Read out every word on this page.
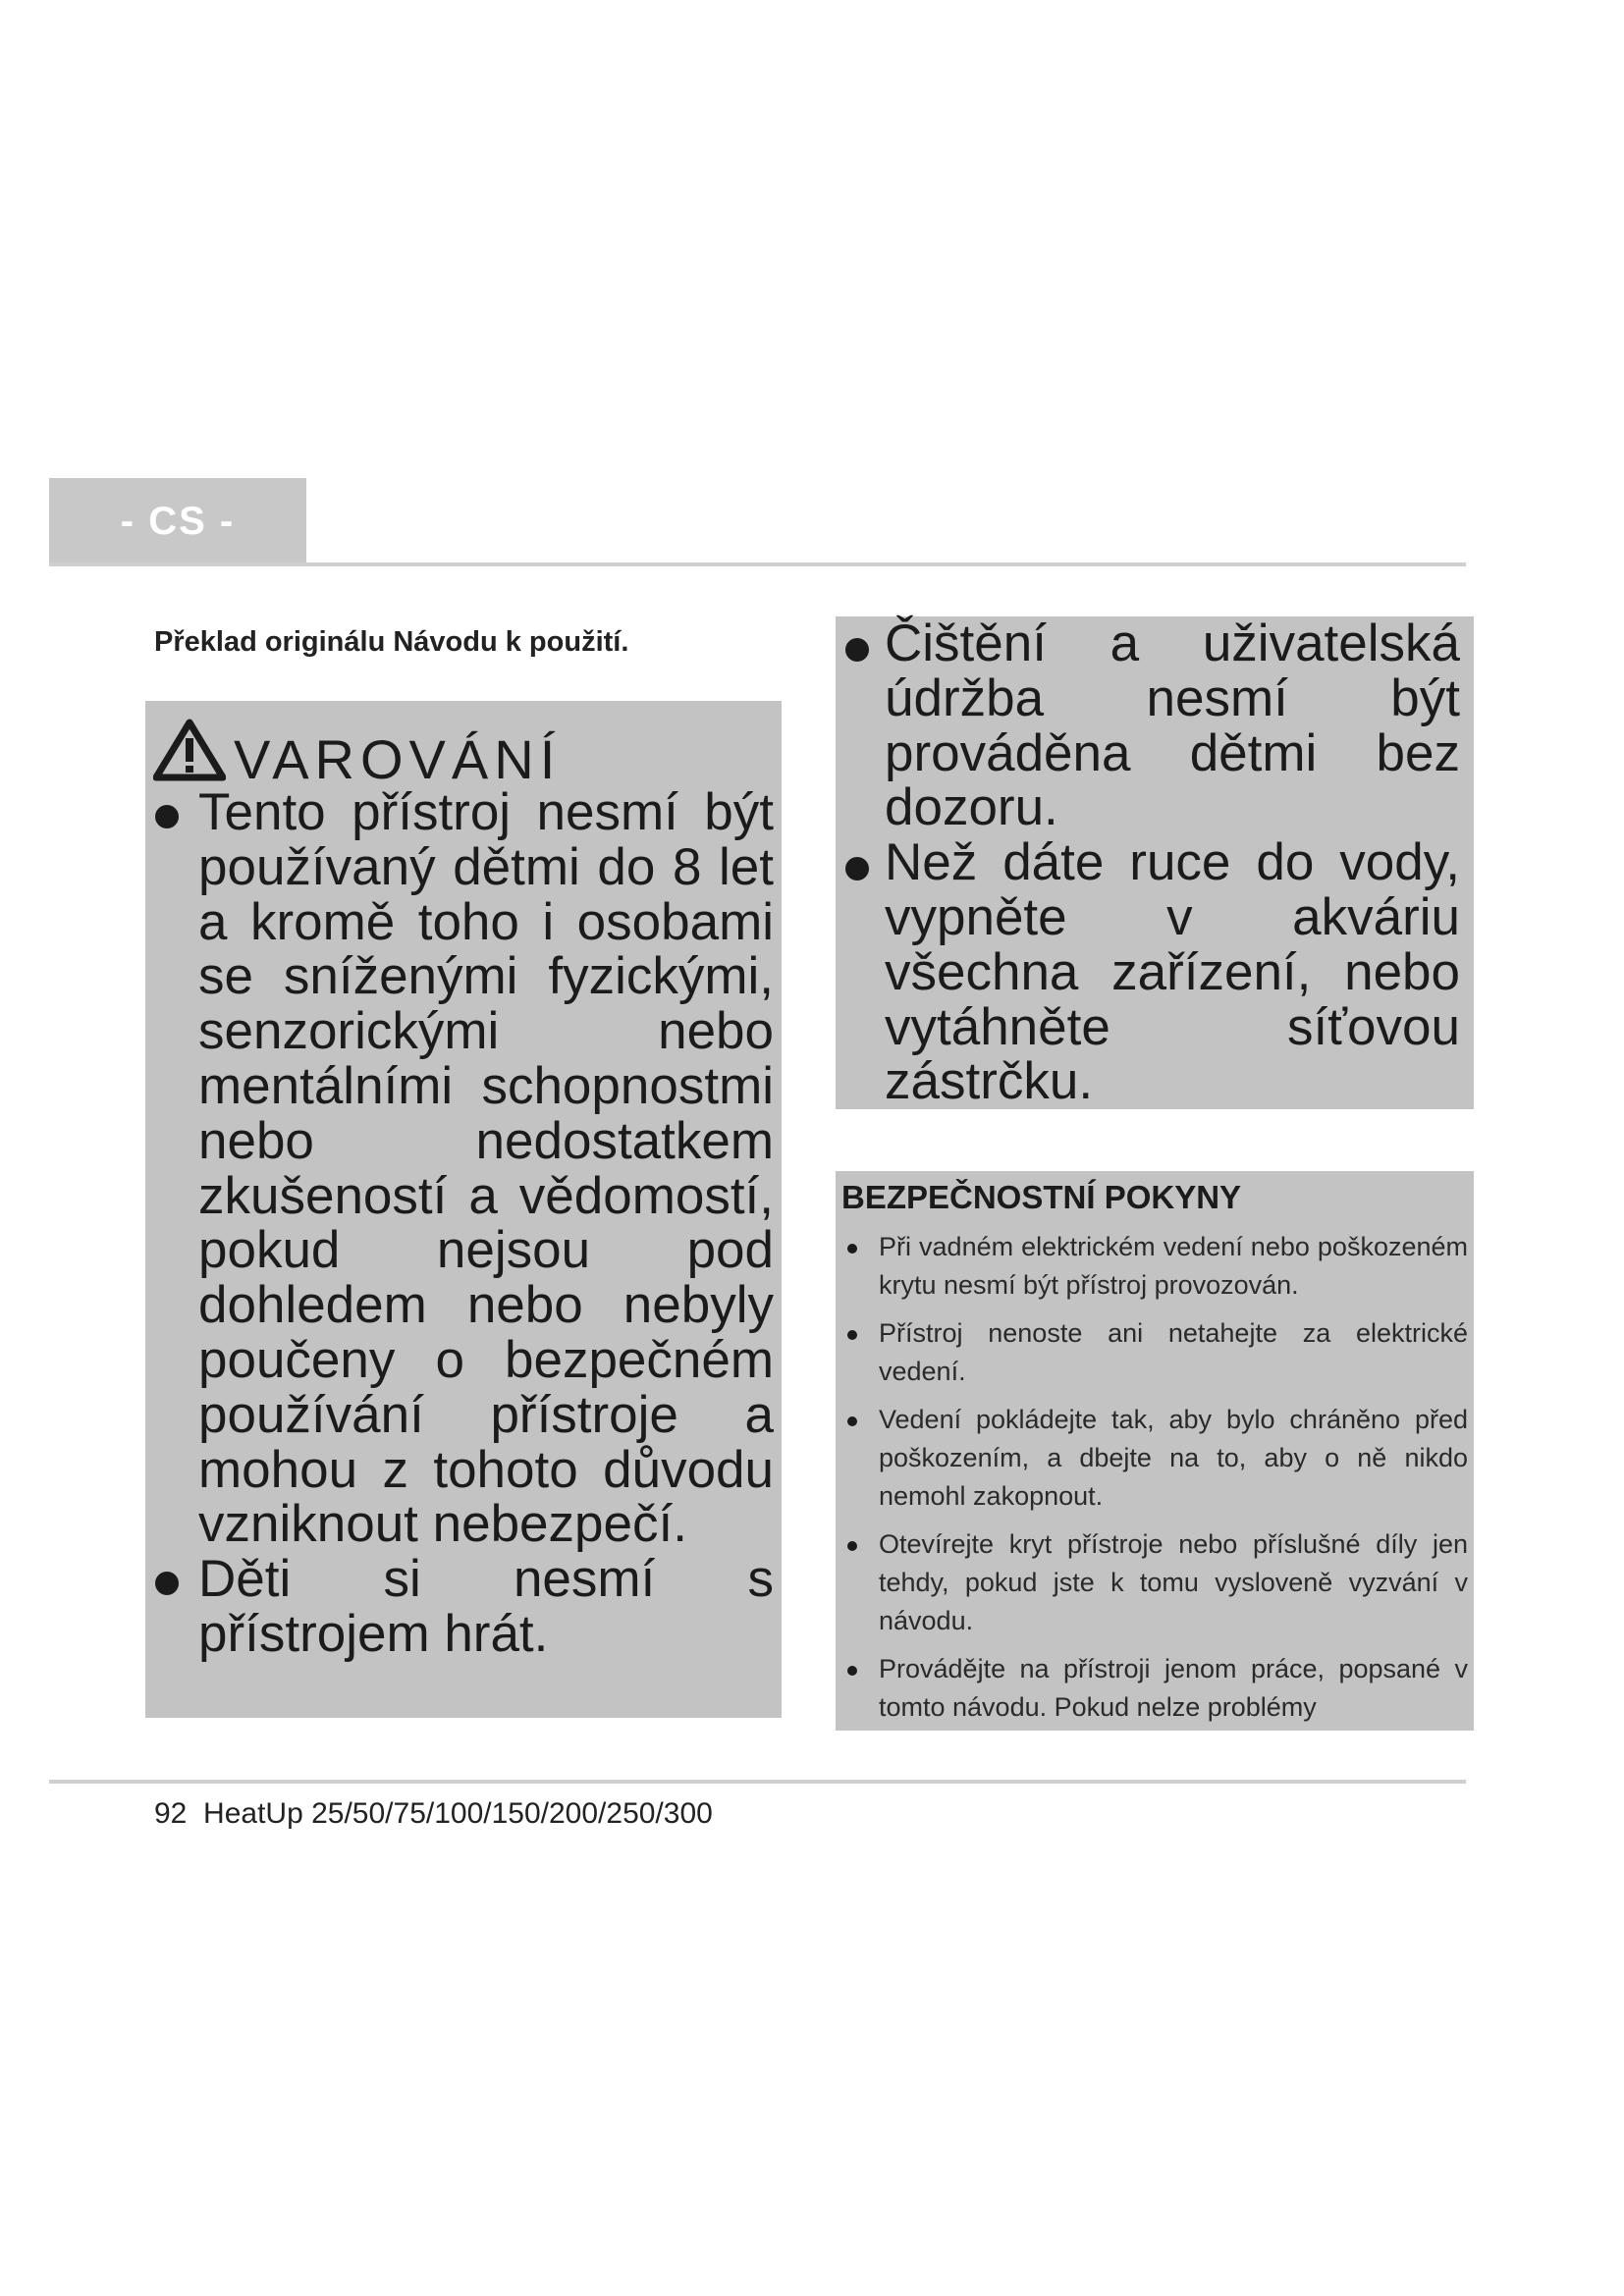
- CS -
Překlad originálu Návodu k použití.
VAROVÁNÍ
Tento přístroj nesmí být používaný dětmi do 8 let a kromě toho i osobami se sníženými fyzickými, senzorickými nebo mentálními schopnostmi nebo nedostatkem zkušeností a vědomostí, pokud nejsou pod dohledem nebo nebyly poučeny o bezpečném používání přístroje a mohou z tohoto důvodu vzniknout nebezpečí.
Děti si nesmí s přístrojem hrát.
Čištění a uživatelská údržba nesmí být prováděna dětmi bez dozoru.
Než dáte ruce do vody, vypněte v akváriu všechna zařízení, nebo vytáhněte síťovou zástrčku.
BEZPEČNOSTNÍ POKYNY
Při vadném elektrickém vedení nebo poškozeném krytu nesmí být přístroj provozován.
Přístroj nenoste ani netahejte za elektrické vedení.
Vedení pokládejte tak, aby bylo chráněno před poškozením, a dbejte na to, aby o ně nikdo nemohl zakopnout.
Otevírejte kryt přístroje nebo příslušné díly jen tehdy, pokud jste k tomu vysloveně vyzvání v návodu.
Provádějte na přístroji jenom práce, popsané v tomto návodu. Pokud nelze problémy
92 HeatUp 25/50/75/100/150/200/250/300
